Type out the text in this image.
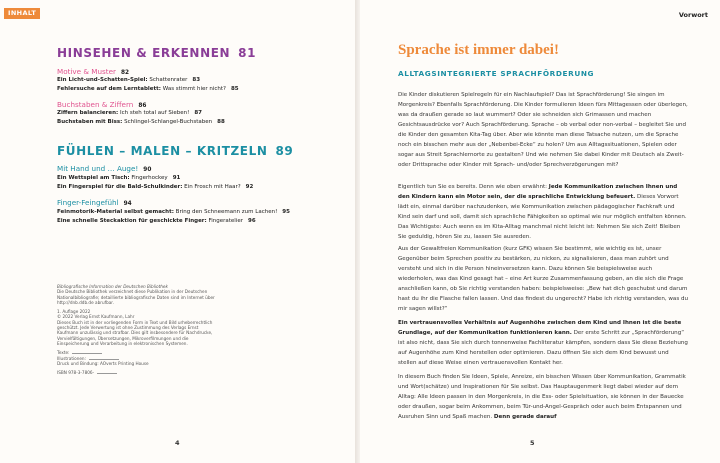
INHALT
HINSEHEN & ERKENNEN 81
Motive & Muster 82
Ein Licht-und-Schatten-Spiel: Schattenrater 83
Fehlersuche auf dem Lerntablett: Was stimmt hier nicht? 85
Buchstaben & Ziffern 86
Ziffern balancieren: Ich steh total auf Sieben! 87
Buchstaben mit Biss: Schlingel-Schlangel-Buchstaben 88
FÜHLEN – MALEN – KRITZELN 89
Mit Hand und … Auge! 90
Ein Wettspiel am Tisch: Fingerhockey 91
Ein Fingerspiel für die Bald-Schulkinder: Ein Frosch mit Haar? 92
Finger-Feingefühl 94
Feinmotorik-Material selbst gemacht: Bring den Schneemann zum Lachen! 95
Eine schnelle Steckaktion für geschickte Finger: Fingeratelier 96

Bibliografische Information der Deutschen Bibliothek

Die Deutsche Bibliothek verzeichnet diese Publikation in der Deutschen Nationalbibliografie; detaillierte bibliografische Daten sind im Internet über http://dnb.ddb.de abrufbar.

1. Auflage 2022

© 2022 Verlag Ernst Kaufmann, Lahr

Dieses Buch ist in der vorliegenden Form in Text und Bild urheberrechtlich geschützt. Jede Verwertung ist ohne Zustimmung des Verlags Ernst Kaufmann unzulässig und strafbar. Dies gilt insbesondere für Nachdrucke, Vervielfältigungen, Übersetzungen, Mikroverfilmungen und die Einspeicherung und Verarbeitung in elektronischen Systemen.

Texte:

Illustrationen:

Druck und Bindung: AOverts Printing House

ISBN 978-3-7806-

4
Vorwort
Sprache ist immer dabei!
ALLTAGSINTEGRIERTE SPRACHFÖRDERUNG

Die Kinder diskutieren Spielregeln für ein Nachlaufspiel? Das ist Sprachförderung! Sie singen im Morgenkreis? Ebenfalls Sprachförderung. Die Kinder formulieren Ideen fürs Mittagessen oder überlegen, was da draußen gerade so laut wummert? Oder sie schneiden sich Grimassen und machen Gesichtsausdrücke vor? Auch Sprachförderung. Sprache – ob verbal oder non-verbal – begleitet Sie und die Kinder den gesamten Kita-Tag über. Aber wie könnte man diese Tatsache nutzen, um die Sprache noch ein bisschen mehr aus der „Nebenbei-Ecke“ zu holen? Um aus Alltagssituationen, Spielen oder sogar aus Streit Sprachlernorte zu gestalten? Und wie nehmen Sie dabei Kinder mit Deutsch als Zweit- oder Drittsprache oder Kinder mit Sprach- und/oder Sprechverzögerungen mit?

Eigentlich tun Sie es bereits. Denn wie oben erwähnt: Jede Kommunikation zwischen Ihnen und den Kindern kann ein Motor sein, der die sprachliche Entwicklung befeuert. Dieses Vorwort lädt ein, einmal darüber nachzudenken, wie Kommunikation zwischen pädagogischer Fachkraft und Kind sein darf und soll, damit sich sprachliche Fähigkeiten so optimal wie nur möglich entfalten können. Das Wichtigste: Auch wenn es im Kita-Alltag manchmal nicht leicht ist: Nehmen Sie sich Zeit! Bleiben Sie geduldig, hören Sie zu, lassen Sie ausreden.

Aus der Gewaltfreien Kommunikation (kurz GFK) wissen Sie bestimmt, wie wichtig es ist, unser Gegenüber beim Sprechen positiv zu bestärken, zu nicken, zu signalisieren, dass man zuhört und versteht und sich in die Person hineinversetzen kann. Dazu können Sie beispielsweise auch wiederholen, was das Kind gesagt hat – eine Art kurze Zusammenfassung geben, an die sich die Frage anschließen kann, ob Sie richtig verstanden haben: beispielsweise: „Bew hat dich geschubst und darum hast du ihr die Flasche fallen lassen. Und das findest du ungerecht? Habe ich richtig verstanden, was du mir sagen willst?“

Ein vertrauensvolles Verhältnis auf Augenhöhe zwischen dem Kind und Ihnen ist die beste Grundlage, auf der Kommunikation funktionieren kann. Der erste Schritt zur „Sprachförderung“ ist also nicht, dass Sie sich durch tonnenweise Fachliteratur kämpfen, sondern dass Sie diese Beziehung auf Augenhöhe zum Kind herstellen oder optimieren. Dazu öffnen Sie sich dem Kind bewusst und stellen auf diese Weise einen vertrauensvollen Kontakt her.

In diesem Buch finden Sie Ideen, Spiele, Anreize, ein bisschen Wissen über Kommunikation, Grammatik und Wort(schätze) und Inspirationen für Sie selbst. Das Hauptaugenmerk liegt dabei wieder auf dem Alltag: Alle Ideen passen in den Morgenkreis, in die Ess- oder Spielsituation, sie können in der Bauecke oder draußen, sogar beim Ankommen, beim Tür-und-Angel-Gespräch oder auch beim Entspannen und Ausruhen Sinn und Spaß machen. Denn gerade darauf

5
